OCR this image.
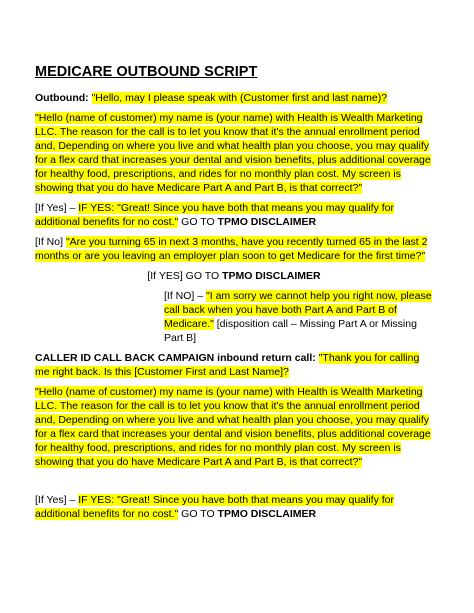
MEDICARE OUTBOUND SCRIPT

Outbound: "Hello, may I please speak with (Customer first and last name)?

"Hello (name of customer) my name is (your name) with Health is Wealth Marketing LLC. The reason for the call is to let you know that it's the annual enrollment period and, Depending on where you live and what health plan you choose, you may qualify for a flex card that increases your dental and vision benefits, plus additional coverage for healthy food, prescriptions, and rides for no monthly plan cost. My screen is showing that you do have Medicare Part A and Part B, is that correct?"

[If Yes] – IF YES: "Great! Since you have both that means you may qualify for additional benefits for no cost." GO TO TPMO DISCLAIMER

[If No] "Are you turning 65 in next 3 months, have you recently turned 65 in the last 2 months or are you leaving an employer plan soon to get Medicare for the first time?"

[If YES] GO TO TPMO DISCLAIMER

[If NO] – "I am sorry we cannot help you right now, please call back when you have both Part A and Part B of Medicare." [disposition call – Missing Part A or Missing Part B]

CALLER ID CALL BACK CAMPAIGN inbound return call: "Thank you for calling me right back. Is this [Customer First and Last Name]?

"Hello (name of customer) my name is (your name) with Health is Wealth Marketing LLC. The reason for the call is to let you know that it's the annual enrollment period and, Depending on where you live and what health plan you choose, you may qualify for a flex card that increases your dental and vision benefits, plus additional coverage for healthy food, prescriptions, and rides for no monthly plan cost. My screen is showing that you do have Medicare Part A and Part B, is that correct?"

[If Yes] – IF YES: "Great! Since you have both that means you may qualify for additional benefits for no cost." GO TO TPMO DISCLAIMER
